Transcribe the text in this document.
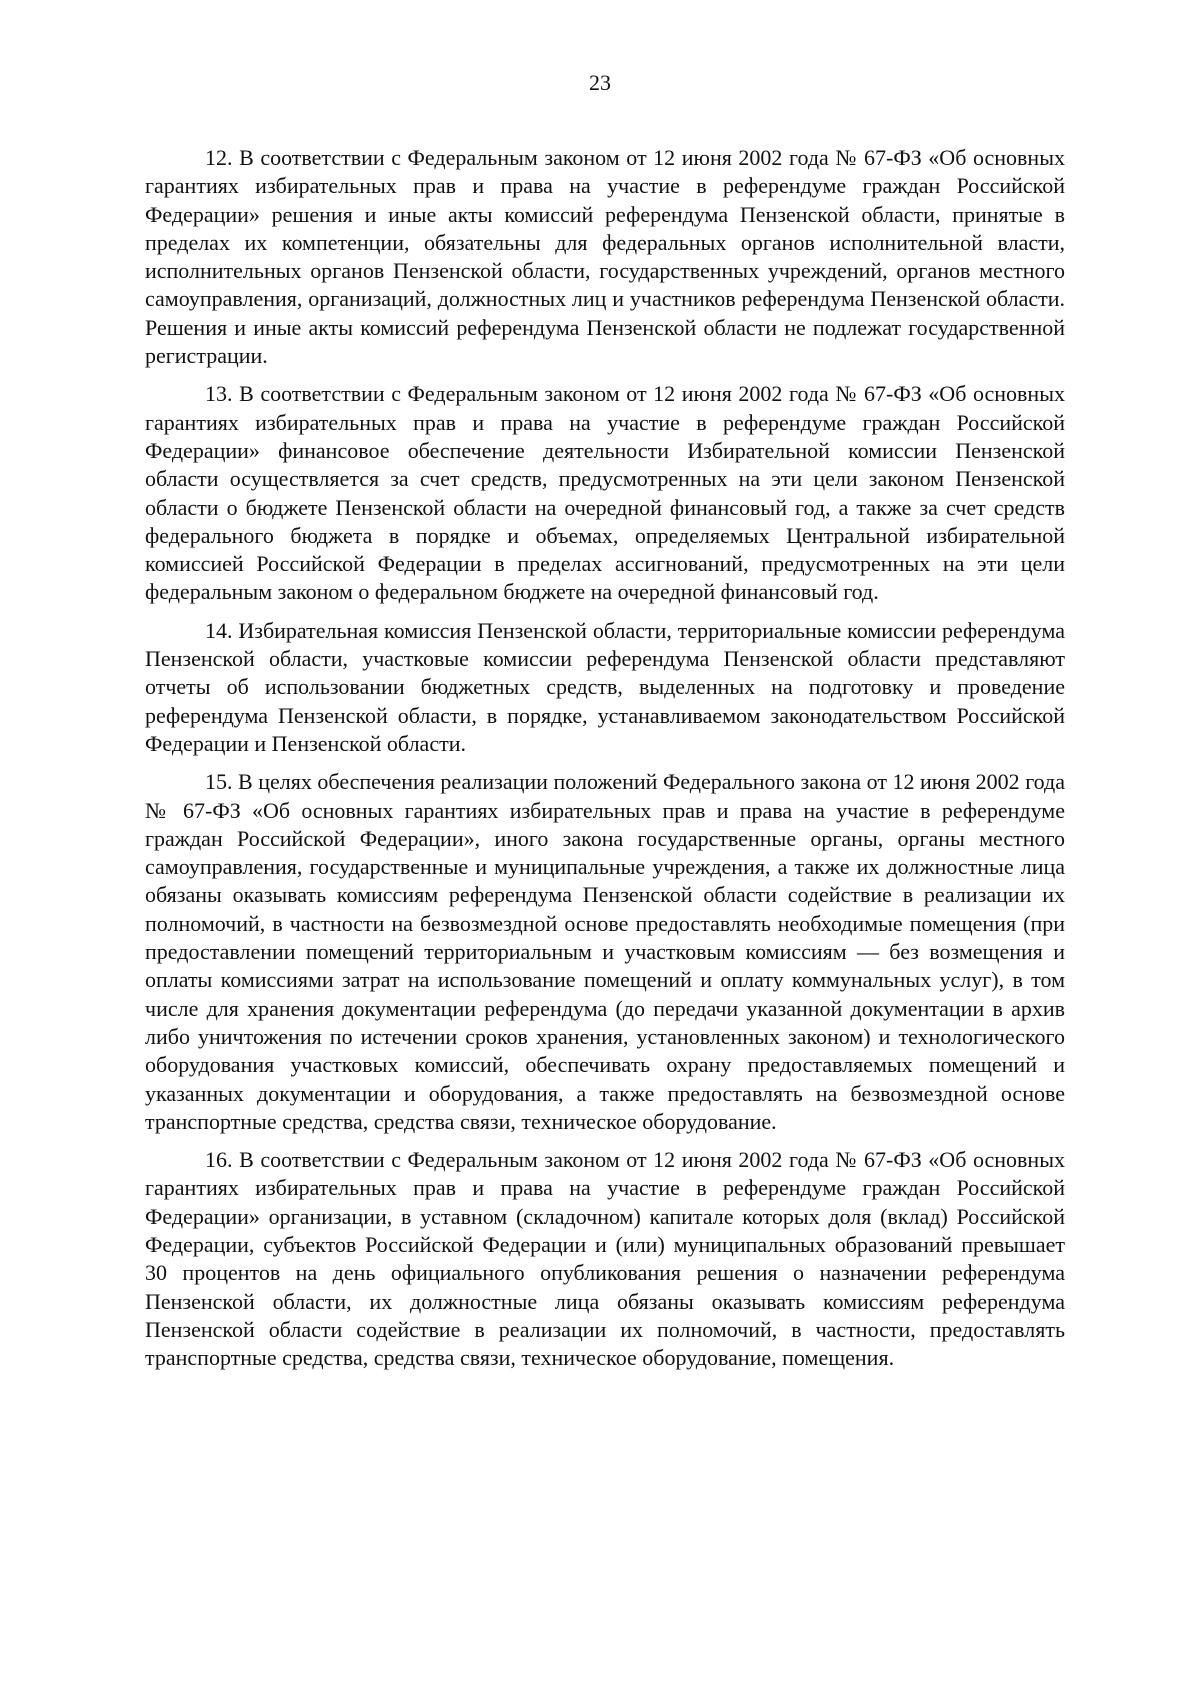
23

12. В соответствии с Федеральным законом от 12 июня 2002 года № 67-ФЗ «Об основных гарантиях избирательных прав и права на участие в референдуме граждан Российской Федерации» решения и иные акты комиссий референдума Пензенской области, принятые в пределах их компетенции, обязательны для федеральных органов исполнительной власти, исполнительных органов Пензенской области, государственных учреждений, органов местного самоуправления, организаций, должностных лиц и участников референдума Пензенской области. Решения и иные акты комиссий референдума Пензенской области не подлежат государственной регистрации.

13. В соответствии с Федеральным законом от 12 июня 2002 года № 67-ФЗ «Об основных гарантиях избирательных прав и права на участие в референдуме граждан Российской Федерации» финансовое обеспечение деятельности Избирательной комиссии Пензенской области осуществляется за счет средств, предусмотренных на эти цели законом Пензенской области о бюджете Пензенской области на очередной финансовый год, а также за счет средств федерального бюджета в порядке и объемах, определяемых Центральной избирательной комиссией Российской Федерации в пределах ассигнований, предусмотренных на эти цели федеральным законом о федеральном бюджете на очередной финансовый год.

14. Избирательная комиссия Пензенской области, территориальные комиссии референдума Пензенской области, участковые комиссии референдума Пензенской области представляют отчеты об использовании бюджетных средств, выделенных на подготовку и проведение референдума Пензенской области, в порядке, устанавливаемом законодательством Российской Федерации и Пензенской области.

15. В целях обеспечения реализации положений Федерального закона от 12 июня 2002 года № 67-ФЗ «Об основных гарантиях избирательных прав и права на участие в референдуме граждан Российской Федерации», иного закона государственные органы, органы местного самоуправления, государственные и муниципальные учреждения, а также их должностные лица обязаны оказывать комиссиям референдума Пензенской области содействие в реализации их полномочий, в частности на безвозмездной основе предоставлять необходимые помещения (при предоставлении помещений территориальным и участковым комиссиям — без возмещения и оплаты комиссиями затрат на использование помещений и оплату коммунальных услуг), в том числе для хранения документации референдума (до передачи указанной документации в архив либо уничтожения по истечении сроков хранения, установленных законом) и технологического оборудования участковых комиссий, обеспечивать охрану предоставляемых помещений и указанных документации и оборудования, а также предоставлять на безвозмездной основе транспортные средства, средства связи, техническое оборудование.

16. В соответствии с Федеральным законом от 12 июня 2002 года № 67-ФЗ «Об основных гарантиях избирательных прав и права на участие в референдуме граждан Российской Федерации» организации, в уставном (складочном) капитале которых доля (вклад) Российской Федерации, субъектов Российской Федерации и (или) муниципальных образований превышает 30 процентов на день официального опубликования решения о назначении референдума Пензенской области, их должностные лица обязаны оказывать комиссиям референдума Пензенской области содействие в реализации их полномочий, в частности, предоставлять транспортные средства, средства связи, техническое оборудование, помещения.
